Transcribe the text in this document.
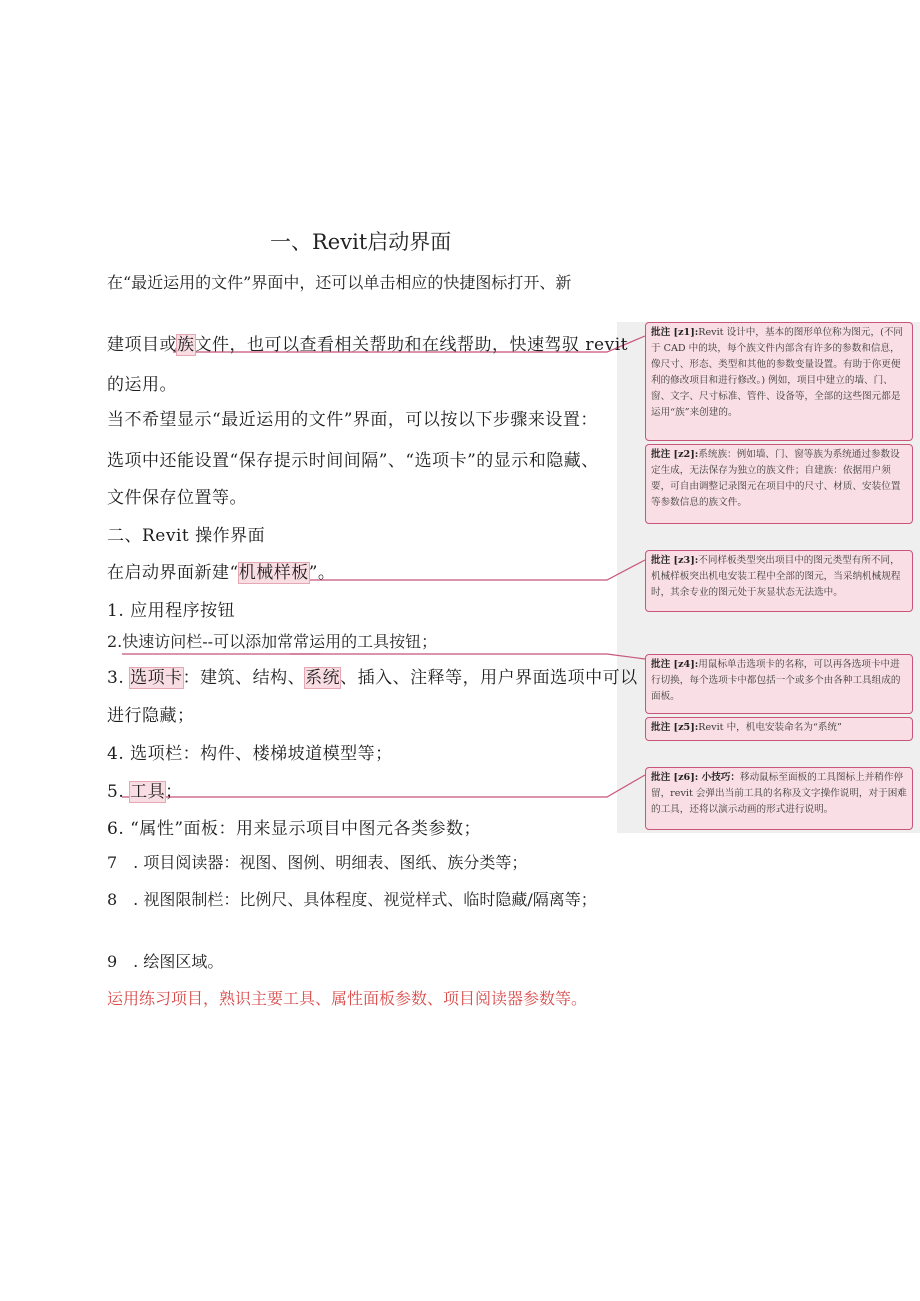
一、Revit启动界面
在“最近运用的文件”界面中，还可以单击相应的快捷图标打开、新
建项目或族文件，也可以查看相关帮助和在线帮助，快速驾驭 revit
的运用。
当不希望显示“最近运用的文件”界面，可以按以下步骤来设置：
选项中还能设置“保存提示时间间隔”、“选项卡”的显示和隐藏、
文件保存位置等。
二、Revit 操作界面
在启动界面新建“机械样板”。
1. 应用程序按钮
2.快速访问栏--可以添加常常运用的工具按钮；
3. 选项卡：建筑、结构、系统、插入、注释等，用户界面选项中可以
进行隐藏；
4. 选项栏：构件、楼梯坡道模型等；
5. 工具；
6. “属性”面板：用来显示项目中图元各类参数；
7　. 项目阅读器：视图、图例、明细表、图纸、族分类等；
8　. 视图限制栏：比例尺、具体程度、视觉样式、临时隐藏/隔离等；
9　. 绘图区域。
运用练习项目，熟识主要工具、属性面板参数、项目阅读器参数等。
批注 [z1]:Revit 设计中，基本的图形单位称为图元，(不同于 CAD 中的块，每个族文件内部含有许多的参数和信息，像尺寸、形态、类型和其他的参数变量设置。有助于你更便利的修改项目和进行修改。) 例如，项目中建立的墙、门、窗、文字、尺寸标准、管件、设备等，全部的这些图元都是运用“族”来创建的。
批注 [z2]:系统族：例如墙、门、窗等族为系统通过参数设定生成，无法保存为独立的族文件；自建族：依据用户须要，可自由调整记录图元在项目中的尺寸、材质、安装位置等参数信息的族文件。
批注 [z3]:不同样板类型突出项目中的图元类型有所不同，机械样板突出机电安装工程中全部的图元，当采纳机械规程时，其余专业的图元处于灰显状态无法选中。
批注 [z4]:用鼠标单击选项卡的名称，可以再各选项卡中进行切换，每个选项卡中都包括一个或多个由各种工具组成的面板。
批注 [z5]:Revit 中，机电安装命名为“系统”
批注 [z6]: 小技巧：移动鼠标至面板的工具图标上并稍作停留，revit 会弹出当前工具的名称及文字操作说明，对于困难的工具，还将以演示动画的形式进行说明。
